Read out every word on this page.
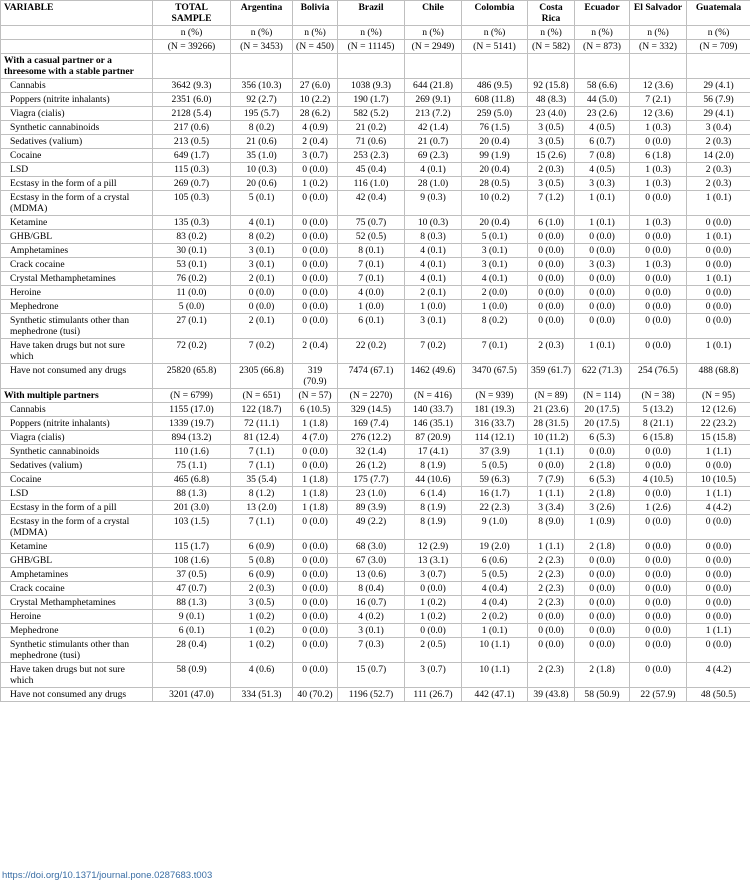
VARIABLE	TOTAL SAMPLE	Argentina	Bolivia	Brazil	Chile	Colombia	Costa Rica	Ecuador	El Salvador	Guatemala
	n (%)	n (%)	n (%)	n (%)	n (%)	n (%)	n (%)	n (%)	n (%)	n (%)
	(N = 39266)	(N = 3453)	(N = 450)	(N = 11145)	(N = 2949)	(N = 5141)	(N = 582)	(N = 873)	(N = 332)	(N = 709)
With a casual partner or a threesome with a stable partner										
Cannabis	3642 (9.3)	356 (10.3)	27 (6.0)	1038 (9.3)	644 (21.8)	486 (9.5)	92 (15.8)	58 (6.6)	12 (3.6)	29 (4.1)
Poppers (nitrite inhalants)	2351 (6.0)	92 (2.7)	10 (2.2)	190 (1.7)	269 (9.1)	608 (11.8)	48 (8.3)	44 (5.0)	7 (2.1)	56 (7.9)
Viagra (cialis)	2128 (5.4)	195 (5.7)	28 (6.2)	582 (5.2)	213 (7.2)	259 (5.0)	23 (4.0)	23 (2.6)	12 (3.6)	29 (4.1)
Synthetic cannabinoids	217 (0.6)	8 (0.2)	4 (0.9)	21 (0.2)	42 (1.4)	76 (1.5)	3 (0.5)	4 (0.5)	1 (0.3)	3 (0.4)
Sedatives (valium)	213 (0.5)	21 (0.6)	2 (0.4)	71 (0.6)	21 (0.7)	20 (0.4)	3 (0.5)	6 (0.7)	0 (0.0)	2 (0.3)
Cocaine	649 (1.7)	35 (1.0)	3 (0.7)	253 (2.3)	69 (2.3)	99 (1.9)	15 (2.6)	7 (0.8)	6 (1.8)	14 (2.0)
LSD	115 (0.3)	10 (0.3)	0 (0.0)	45 (0.4)	4 (0.1)	20 (0.4)	2 (0.3)	4 (0.5)	1 (0.3)	2 (0.3)
Ecstasy in the form of a pill	269 (0.7)	20 (0.6)	1 (0.2)	116 (1.0)	28 (1.0)	28 (0.5)	3 (0.5)	3 (0.3)	1 (0.3)	2 (0.3)
Ecstasy in the form of a crystal (MDMA)	105 (0.3)	5 (0.1)	0 (0.0)	42 (0.4)	9 (0.3)	10 (0.2)	7 (1.2)	1 (0.1)	0 (0.0)	1 (0.1)
Ketamine	135 (0.3)	4 (0.1)	0 (0.0)	75 (0.7)	10 (0.3)	20 (0.4)	6 (1.0)	1 (0.1)	1 (0.3)	0 (0.0)
GHB/GBL	83 (0.2)	8 (0.2)	0 (0.0)	52 (0.5)	8 (0.3)	5 (0.1)	0 (0.0)	0 (0.0)	0 (0.0)	1 (0.1)
Amphetamines	30 (0.1)	3 (0.1)	0 (0.0)	8 (0.1)	4 (0.1)	3 (0.1)	0 (0.0)	0 (0.0)	0 (0.0)	0 (0.0)
Crack cocaine	53 (0.1)	3 (0.1)	0 (0.0)	7 (0.1)	4 (0.1)	3 (0.1)	0 (0.0)	3 (0.3)	1 (0.3)	0 (0.0)
Crystal Methamphetamines	76 (0.2)	2 (0.1)	0 (0.0)	7 (0.1)	4 (0.1)	4 (0.1)	0 (0.0)	0 (0.0)	0 (0.0)	1 (0.1)
Heroine	11 (0.0)	0 (0.0)	0 (0.0)	4 (0.0)	2 (0.1)	2 (0.0)	0 (0.0)	0 (0.0)	0 (0.0)	0 (0.0)
Mephedrone	5 (0.0)	0 (0.0)	0 (0.0)	1 (0.0)	1 (0.0)	1 (0.0)	0 (0.0)	0 (0.0)	0 (0.0)	0 (0.0)
Synthetic stimulants other than mephedrone (tusi)	27 (0.1)	2 (0.1)	0 (0.0)	6 (0.1)	3 (0.1)	8 (0.2)	0 (0.0)	0 (0.0)	0 (0.0)	0 (0.0)
Have taken drugs but not sure which	72 (0.2)	7 (0.2)	2 (0.4)	22 (0.2)	7 (0.2)	7 (0.1)	2 (0.3)	1 (0.1)	0 (0.0)	1 (0.1)
Have not consumed any drugs	25820 (65.8)	2305 (66.8)	319 (70.9)	7474 (67.1)	1462 (49.6)	3470 (67.5)	359 (61.7)	622 (71.3)	254 (76.5)	488 (68.8)
With multiple partners	(N = 6799)	(N = 651)	(N = 57)	(N = 2270)	(N = 416)	(N = 939)	(N = 89)	(N = 114)	(N = 38)	(N = 95)
Cannabis	1155 (17.0)	122 (18.7)	6 (10.5)	329 (14.5)	140 (33.7)	181 (19.3)	21 (23.6)	20 (17.5)	5 (13.2)	12 (12.6)
Poppers (nitrite inhalants)	1339 (19.7)	72 (11.1)	1 (1.8)	169 (7.4)	146 (35.1)	316 (33.7)	28 (31.5)	20 (17.5)	8 (21.1)	22 (23.2)
Viagra (cialis)	894 (13.2)	81 (12.4)	4 (7.0)	276 (12.2)	87 (20.9)	114 (12.1)	10 (11.2)	6 (5.3)	6 (15.8)	15 (15.8)
Synthetic cannabinoids	110 (1.6)	7 (1.1)	0 (0.0)	32 (1.4)	17 (4.1)	37 (3.9)	1 (1.1)	0 (0.0)	0 (0.0)	1 (1.1)
Sedatives (valium)	75 (1.1)	7 (1.1)	0 (0.0)	26 (1.2)	8 (1.9)	5 (0.5)	0 (0.0)	2 (1.8)	0 (0.0)	0 (0.0)
Cocaine	465 (6.8)	35 (5.4)	1 (1.8)	175 (7.7)	44 (10.6)	59 (6.3)	7 (7.9)	6 (5.3)	4 (10.5)	10 (10.5)
LSD	88 (1.3)	8 (1.2)	1 (1.8)	23 (1.0)	6 (1.4)	16 (1.7)	1 (1.1)	2 (1.8)	0 (0.0)	1 (1.1)
Ecstasy in the form of a pill	201 (3.0)	13 (2.0)	1 (1.8)	89 (3.9)	8 (1.9)	22 (2.3)	3 (3.4)	3 (2.6)	1 (2.6)	4 (4.2)
Ecstasy in the form of a crystal (MDMA)	103 (1.5)	7 (1.1)	0 (0.0)	49 (2.2)	8 (1.9)	9 (1.0)	8 (9.0)	1 (0.9)	0 (0.0)	0 (0.0)
Ketamine	115 (1.7)	6 (0.9)	0 (0.0)	68 (3.0)	12 (2.9)	19 (2.0)	1 (1.1)	2 (1.8)	0 (0.0)	0 (0.0)
GHB/GBL	108 (1.6)	5 (0.8)	0 (0.0)	67 (3.0)	13 (3.1)	6 (0.6)	2 (2.3)	0 (0.0)	0 (0.0)	0 (0.0)
Amphetamines	37 (0.5)	6 (0.9)	0 (0.0)	13 (0.6)	3 (0.7)	5 (0.5)	2 (2.3)	0 (0.0)	0 (0.0)	0 (0.0)
Crack cocaine	47 (0.7)	2 (0.3)	0 (0.0)	8 (0.4)	0 (0.0)	4 (0.4)	2 (2.3)	0 (0.0)	0 (0.0)	0 (0.0)
Crystal Methamphetamines	88 (1.3)	3 (0.5)	0 (0.0)	16 (0.7)	1 (0.2)	4 (0.4)	2 (2.3)	0 (0.0)	0 (0.0)	0 (0.0)
Heroine	9 (0.1)	1 (0.2)	0 (0.0)	4 (0.2)	1 (0.2)	2 (0.2)	0 (0.0)	0 (0.0)	0 (0.0)	0 (0.0)
Mephedrone	6 (0.1)	1 (0.2)	0 (0.0)	3 (0.1)	0 (0.0)	1 (0.1)	0 (0.0)	0 (0.0)	0 (0.0)	1 (1.1)
Synthetic stimulants other than mephedrone (tusi)	28 (0.4)	1 (0.2)	0 (0.0)	7 (0.3)	2 (0.5)	10 (1.1)	0 (0.0)	0 (0.0)	0 (0.0)	0 (0.0)
Have taken drugs but not sure which	58 (0.9)	4 (0.6)	0 (0.0)	15 (0.7)	3 (0.7)	10 (1.1)	2 (2.3)	2 (1.8)	0 (0.0)	4 (4.2)
Have not consumed any drugs	3201 (47.0)	334 (51.3)	40 (70.2)	1196 (52.7)	111 (26.7)	442 (47.1)	39 (43.8)	58 (50.9)	22 (57.9)	48 (50.5)
https://doi.org/10.1371/journal.pone.0287683.t003
